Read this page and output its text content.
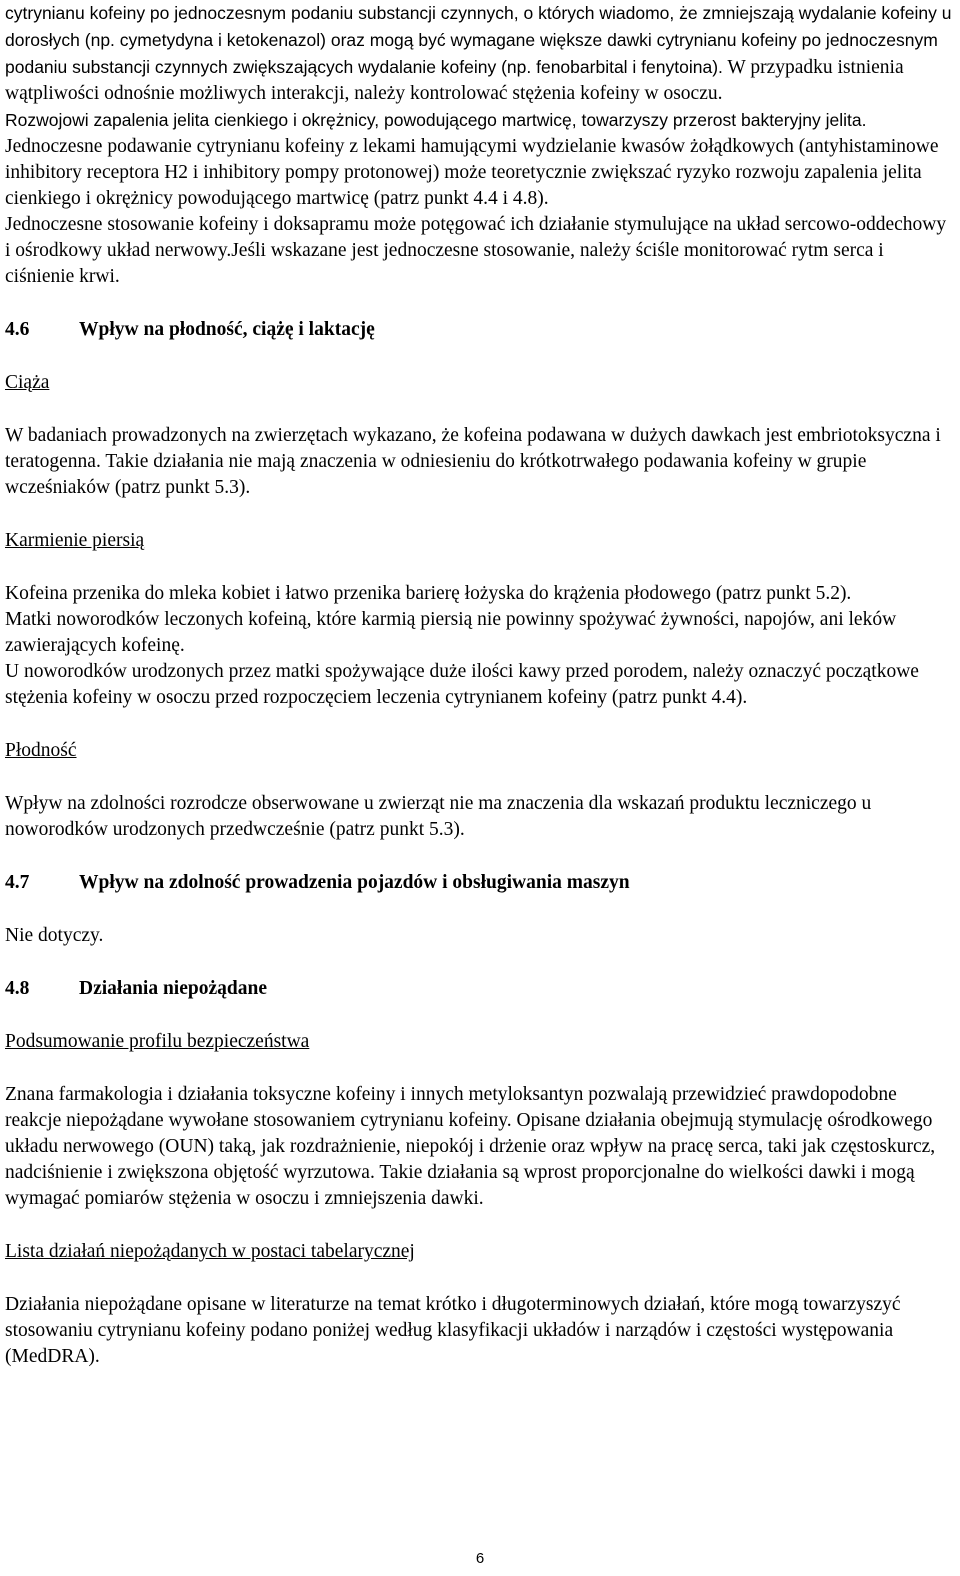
cytrynianu kofeiny po jednoczesnym podaniu substancji czynnych, o których wiadomo, że zmniejszają wydalanie kofeiny u dorosłych (np. cymetydyna i ketokenazol) oraz mogą być wymagane większe dawki cytrynianu kofeiny po jednoczesnym podaniu substancji czynnych zwiększających wydalanie kofeiny (np. fenobarbital i fenytoina). W przypadku istnienia wątpliwości odnośnie możliwych interakcji, należy kontrolować stężenia kofeiny w osoczu.

Rozwojowi zapalenia jelita cienkiego i okrężnicy, powodującego martwicę, towarzyszy przerost bakteryjny jelita. Jednoczesne podawanie cytrynianu kofeiny z lekami hamującymi wydzielanie kwasów żołądkowych (antyhistaminowe inhibitory receptora H2 i inhibitory pompy protonowej) może teoretycznie zwiększać ryzyko rozwoju zapalenia jelita cienkiego i okrężnicy powodującego martwicę (patrz punkt 4.4 i 4.8).

Jednoczesne stosowanie kofeiny i doksapramu może potęgować ich działanie stymulujące na układ sercowo-oddechowy i ośrodkowy układ nerwowy.Jeśli wskazane jest jednoczesne stosowanie, należy ściśle monitorować rytm serca i ciśnienie krwi.

4.6	Wpływ na płodność, ciążę i laktację

Ciąża

W badaniach prowadzonych na zwierzętach wykazano, że kofeina podawana w dużych dawkach jest embriotoksyczna i teratogenna. Takie działania nie mają znaczenia w odniesieniu do krótkotrwałego podawania kofeiny w grupie wcześniaków (patrz punkt 5.3).

Karmienie piersią

Kofeina przenika do mleka kobiet i łatwo przenika barierę łożyska do krążenia płodowego (patrz punkt 5.2).

Matki noworodków leczonych kofeiną, które karmią piersią nie powinny spożywać żywności, napojów, ani leków zawierających kofeinę.

U noworodków urodzonych przez matki spożywające duże ilości kawy przed porodem, należy oznaczyć początkowe stężenia kofeiny w osoczu przed rozpoczęciem leczenia cytrynianem kofeiny (patrz punkt 4.4).

Płodność

Wpływ na zdolności rozrodcze obserwowane u zwierząt nie ma znaczenia dla wskazań produktu leczniczego u noworodków urodzonych przedwcześnie (patrz punkt 5.3).

4.7	Wpływ na zdolność prowadzenia pojazdów i obsługiwania maszyn

Nie dotyczy.

4.8	Działania niepożądane

Podsumowanie profilu bezpieczeństwa

Znana farmakologia i działania toksyczne kofeiny i innych metyloksantyn pozwalają przewidzieć prawdopodobne reakcje niepożądane wywołane stosowaniem cytrynianu kofeiny. Opisane działania obejmują stymulację ośrodkowego układu nerwowego (OUN) taką, jak rozdrażnienie, niepokój i drżenie oraz wpływ na pracę serca, taki jak częstoskurcz, nadciśnienie i zwiększona objętość wyrzutowa. Takie działania są wprost proporcjonalne do wielkości dawki i mogą wymagać pomiarów stężenia w osoczu i zmniejszenia dawki.

Lista działań niepożądanych w postaci tabelarycznej

Działania niepożądane opisane w literaturze na temat krótko i długoterminowych działań, które mogą towarzyszyć stosowaniu cytrynianu kofeiny podano poniżej według klasyfikacji układów i narządów i częstości występowania (MedDRA).

6
